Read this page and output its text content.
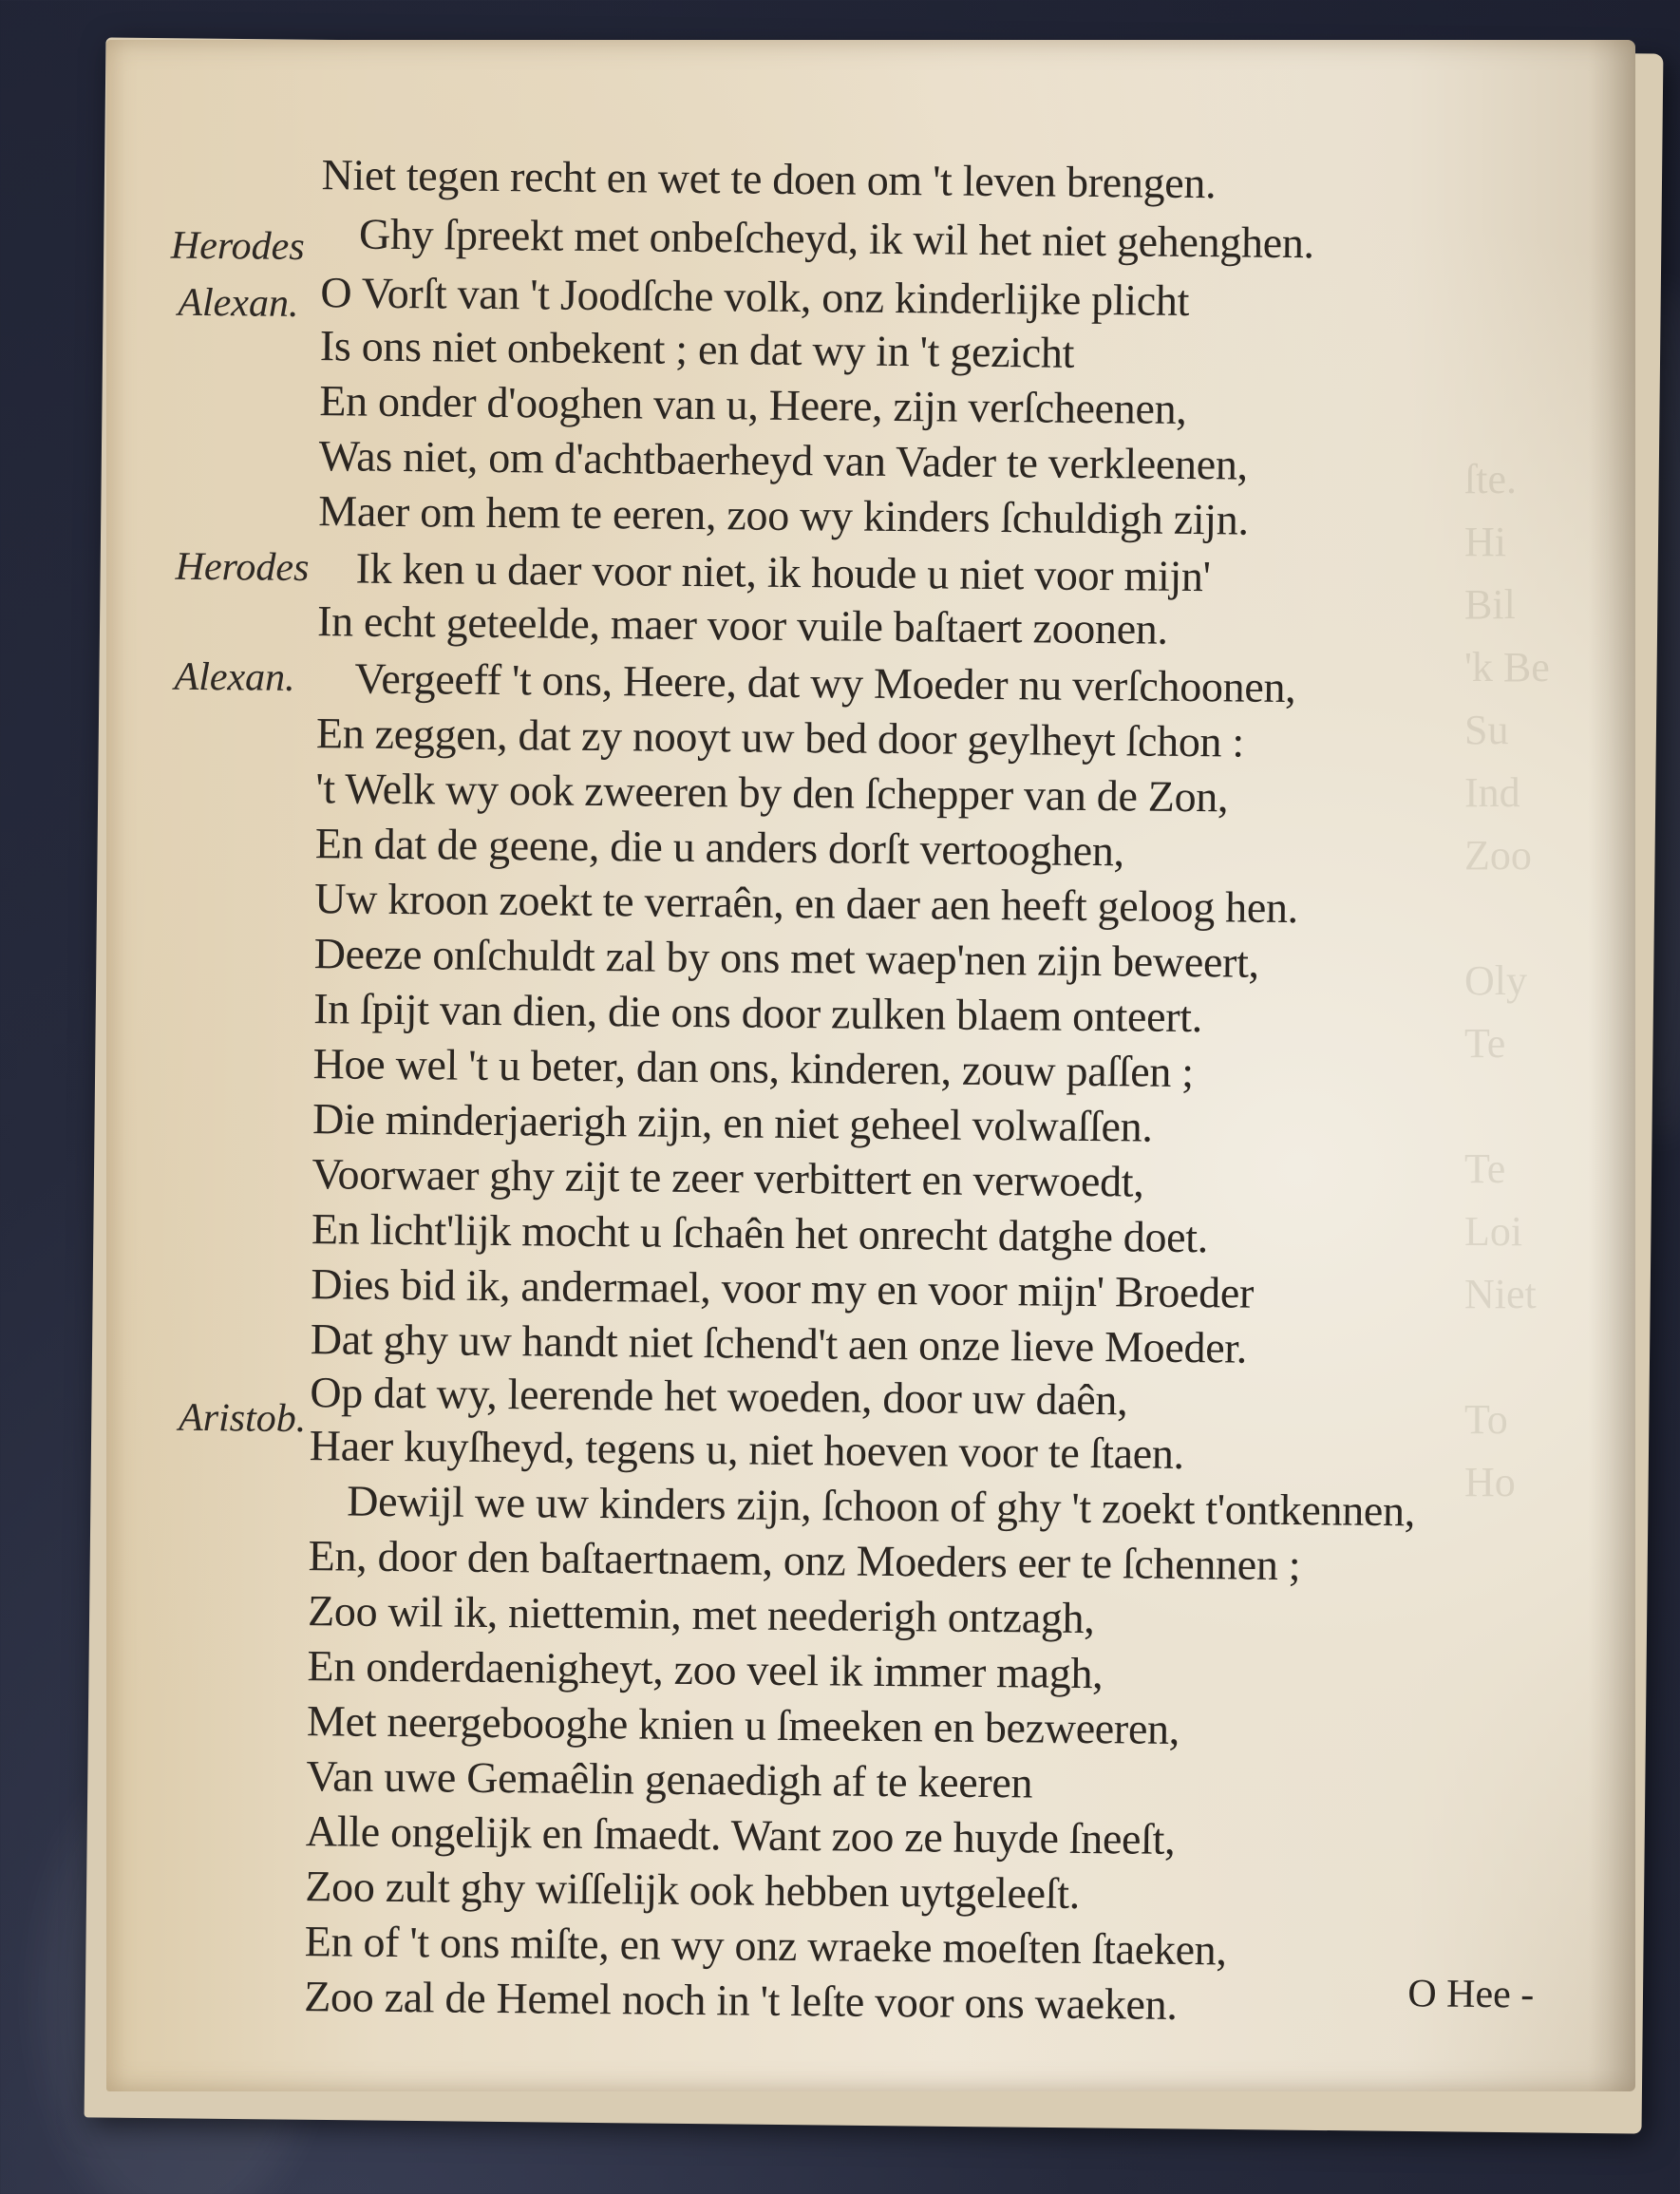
ſte.
Hi
Bil
'k Be
Su
Ind
Zoo

Oly
Te

Te
Loi
Niet

To
Ho
Herodes
Alexan.
Herodes
Alexan.
Aristob.
Niet tegen recht en wet te doen om 't leven brengen.
Ghy ſpreekt met onbeſcheyd, ik wil het niet gehenghen.
O Vorſt van 't Joodſche volk, onz kinderlijke plicht
Is ons niet onbekent ; en dat wy in 't gezicht
En onder d'ooghen van u, Heere, zijn verſcheenen,
Was niet, om d'achtbaerheyd van Vader te verkleenen,
Maer om hem te eeren, zoo wy kinders ſchuldigh zijn.
Ik ken u daer voor niet, ik houde u niet voor mijn'
In echt geteelde, maer voor vuile baſtaert zoonen.
Vergeeff 't ons, Heere, dat wy Moeder nu verſchoonen,
En zeggen, dat zy nooyt uw bed door geylheyt ſchon :
't Welk wy ook zweeren by den ſchepper van de Zon,
En dat de geene, die u anders dorſt vertooghen,
Uw kroon zoekt te verraên, en daer aen heeft geloog hen.
Deeze onſchuldt zal by ons met waep'nen zijn beweert,
In ſpijt van dien, die ons door zulken blaem onteert.
Hoe wel 't u beter, dan ons, kinderen, zouw paſſen ;
Die minderjaerigh zijn, en niet geheel volwaſſen.
Voorwaer ghy zijt te zeer verbittert en verwoedt,
En licht'lijk mocht u ſchaên het onrecht datghe doet.
Dies bid ik, andermael, voor my en voor mijn' Broeder
Dat ghy uw handt niet ſchend't aen onze lieve Moeder.
Op dat wy, leerende het woeden, door uw daên,
Haer kuyſheyd, tegens u, niet hoeven voor te ſtaen.
Dewijl we uw kinders zijn, ſchoon of ghy 't zoekt t'ontkennen,
En, door den baſtaertnaem, onz Moeders eer te ſchennen ;
Zoo wil ik, niettemin, met neederigh ontzagh,
En onderdaenigheyt, zoo veel ik immer magh,
Met neergebooghe knien u ſmeeken en bezweeren,
Van uwe Gemaêlin genaedigh af te keeren
Alle ongelijk en ſmaedt. Want zoo ze huyde ſneeſt,
Zoo zult ghy wiſſelijk ook hebben uytgeleeſt.
En of 't ons miſte, en wy onz wraeke moeſten ſtaeken,
Zoo zal de Hemel noch in 't leſte voor ons waeken.	O Hee -
